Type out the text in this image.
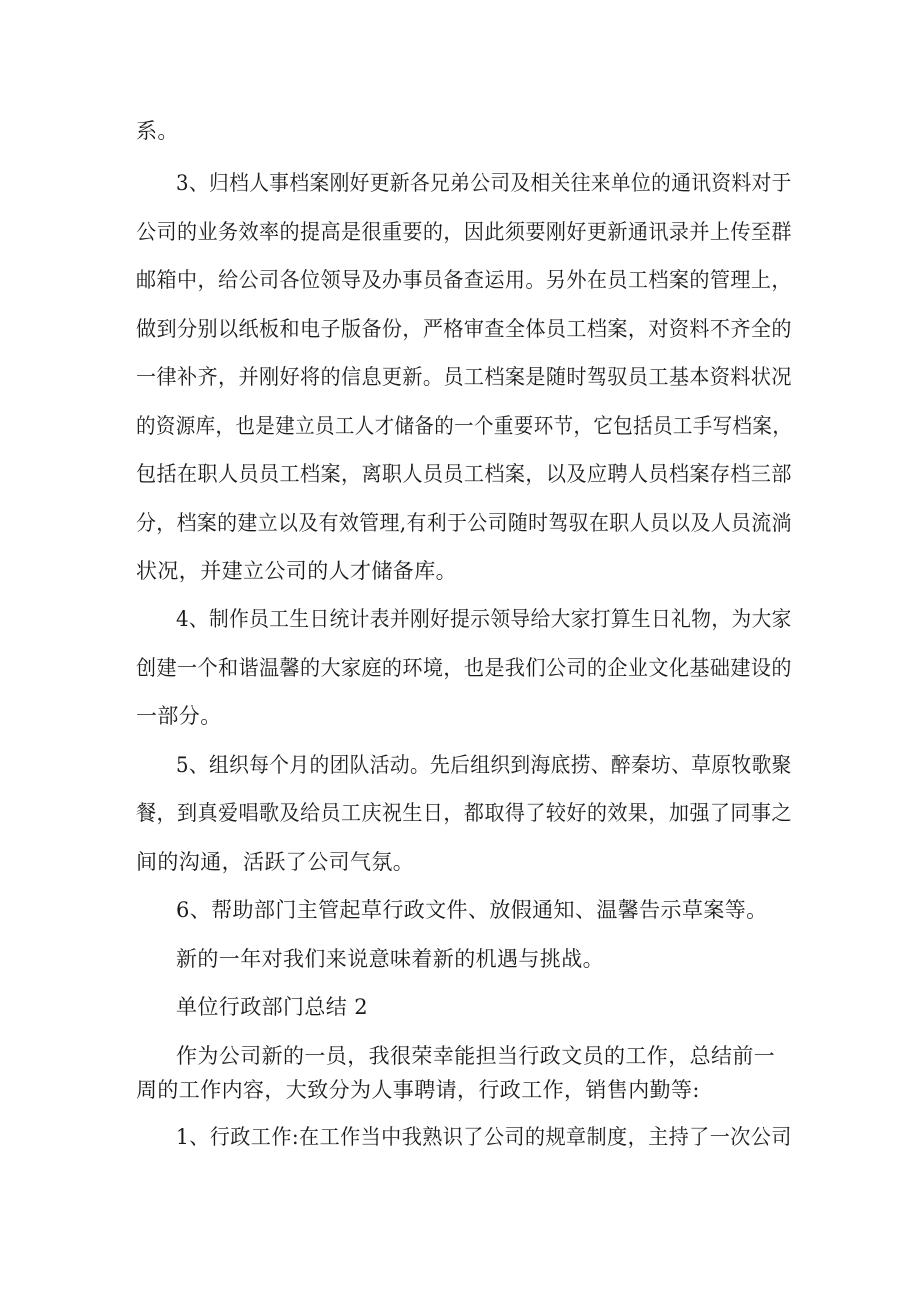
系。

3、归档人事档案刚好更新各兄弟公司及相关往来单位的通讯资料对于

公司的业务效率的提高是很重要的，因此须要刚好更新通讯录并上传至群

邮箱中，给公司各位领导及办事员备查运用。另外在员工档案的管理上，

做到分别以纸板和电子版备份，严格审查全体员工档案，对资料不齐全的

一律补齐，并刚好将的信息更新。员工档案是随时驾驭员工基本资料状况

的资源库，也是建立员工人才储备的一个重要环节，它包括员工手写档案，

包括在职人员员工档案，离职人员员工档案，以及应聘人员档案存档三部

分，档案的建立以及有效管理,有利于公司随时驾驭在职人员以及人员流淌

状况，并建立公司的人才储备库。

4、制作员工生日统计表并刚好提示领导给大家打算生日礼物，为大家

创建一个和谐温馨的大家庭的环境，也是我们公司的企业文化基础建设的

一部分。

5、组织每个月的团队活动。先后组织到海底捞、醉秦坊、草原牧歌聚

餐，到真爱唱歌及给员工庆祝生日，都取得了较好的效果，加强了同事之

间的沟通，活跃了公司气氛。

6、帮助部门主管起草行政文件、放假通知、温馨告示草案等。

新的一年对我们来说意味着新的机遇与挑战。

单位行政部门总结 2

作为公司新的一员，我很荣幸能担当行政文员的工作，总结前一

周的工作内容，大致分为人事聘请，行政工作，销售内勤等:

1、行政工作:在工作当中我熟识了公司的规章制度，主持了一次公司
